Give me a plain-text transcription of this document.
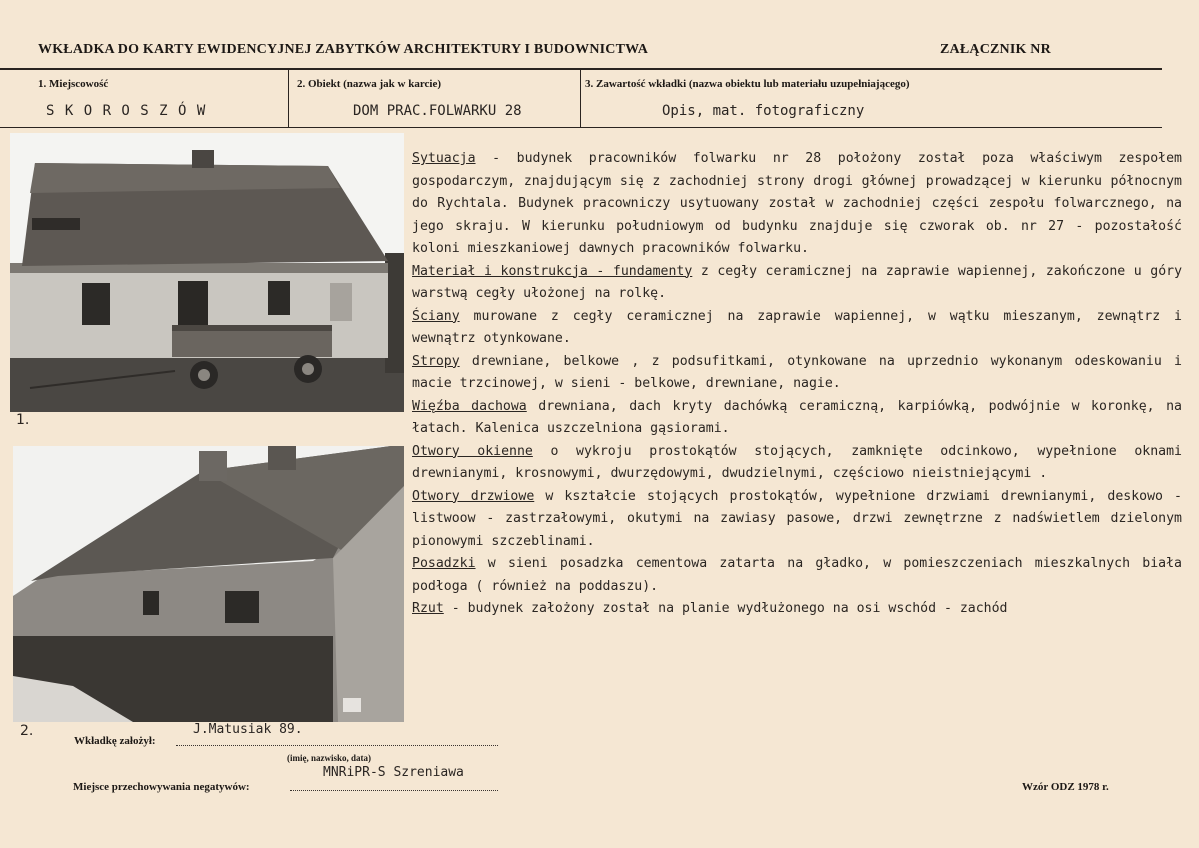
WKŁADKA DO KARTY EWIDENCYJNEJ ZABYTKÓW ARCHITEKTURY I BUDOWNICTWA	ZAŁĄCZNIK NR
1. Miejscowość	2. Obiekt (nazwa jak w karcie)	3. Zawartość wkładki (nazwa obiektu lub materiału uzupełniającego)
S K O R O S Z Ó W	DOM PRAC.FOLWARKU 28	Opis, mat. fotograficzny
1.
2.
Sytuacja - budynek pracowników folwarku nr 28 położony został poza właściwym zespołem gospodarczym, znajdującym się z zachodniej strony drogi głównej prowadzącej w kierunku północnym do Rychtala. Budynek pracowniczy usytuowany został w zachodniej części zespołu folwarcznego, na jego skraju. W kierunku południowym od budynku znajduje się czworak ob. nr 27 - pozostałość koloni mieszkaniowej dawnych pracowników folwarku.
Materiał i konstrukcja - fundamenty z cegły ceramicznej na zaprawie wapiennej, zakończone u góry warstwą cegły ułożonej na rolkę.
Ściany murowane z cegły ceramicznej na zaprawie wapiennej, w wątku mieszanym, zewnątrz i wewnątrz otynkowane.
Stropy drewniane, belkowe , z podsufitkami, otynkowane na uprzednio wykonanym odeskowaniu i macie trzcinowej, w sieni - belkowe, drewniane, nagie.
Więźba dachowa drewniana, dach kryty dachówką ceramiczną, karpiówką, podwójnie w koronkę, na łatach. Kalenica uszczelniona gąsiorami.
Otwory okienne o wykroju prostokątów stojących, zamknięte odcinkowo, wypełnione oknami drewnianymi, krosnowymi, dwurzędowymi, dwudzielnymi, częściowo nieistniejącymi .
Otwory drzwiowe w kształcie stojących prostokątów, wypełnione drzwiami drewnianymi, deskowo - listwoow - zastrzałowymi, okutymi na zawiasy pasowe, drzwi zewnętrzne z nadświetlem dzielonym pionowymi szczeblinami.
Posadzki w sieni posadzka cementowa zatarta na gładko, w pomieszczeniach mieszkalnych biała podłoga ( również na poddaszu).
Rzut - budynek założony został na planie wydłużonego na osi wschód - zachód
Wkładkę założył:
J.Matusiak 89.
(imię, nazwisko, data)
Miejsce przechowywania negatywów:
MNRiPR-S Szreniawa
Wzór ODZ 1978 r.
